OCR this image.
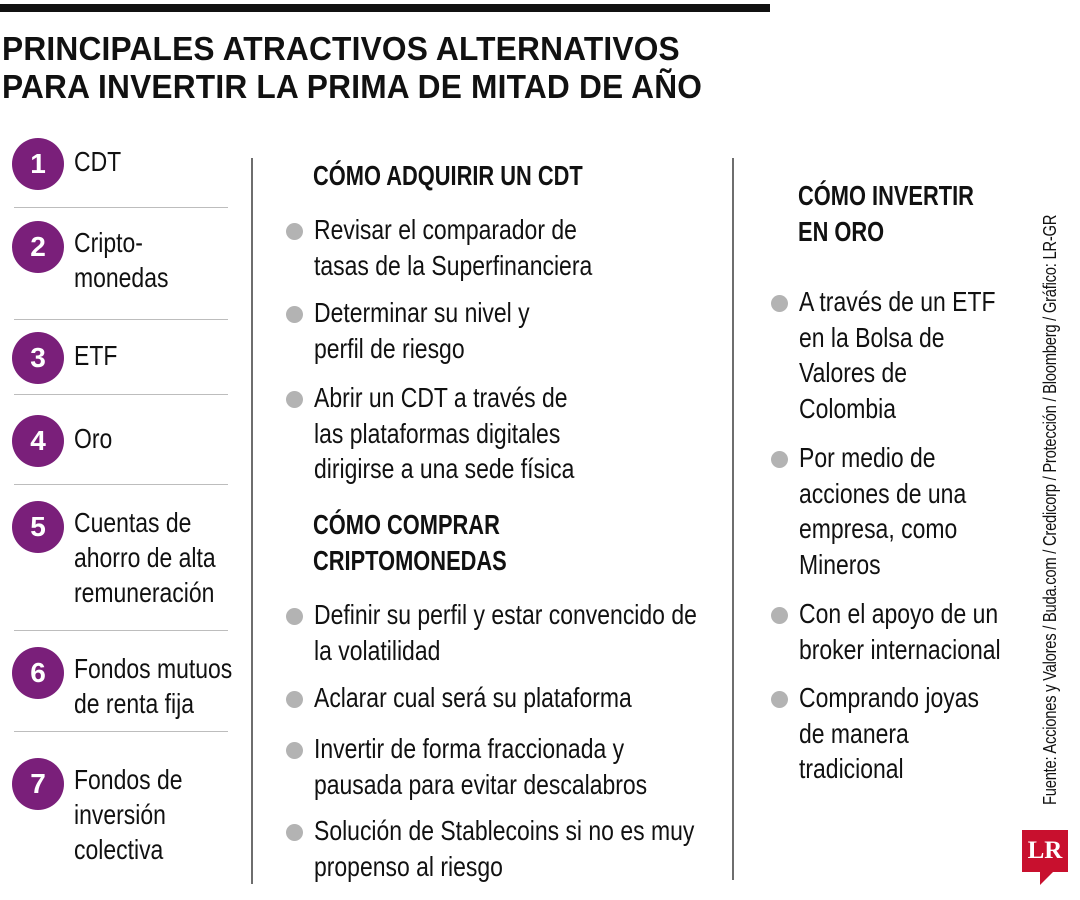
PRINCIPALES ATRACTIVOS ALTERNATIVOS
PARA INVERTIR LA PRIMA DE MITAD DE AÑO
1	CDT
2	Cripto-
monedas
3	ETF
4	Oro
5	Cuentas de
ahorro de alta
remuneración
6	Fondos mutuos
de renta fija
7	Fondos de
inversión
colectiva
CÓMO ADQUIRIR UN CDT
Revisar el comparador de
tasas de la Superfinanciera
Determinar su nivel y
perfil de riesgo
Abrir un CDT a través de
las plataformas digitales
dirigirse a una sede física
CÓMO COMPRAR
CRIPTOMONEDAS
Definir su perfil y estar convencido de
la volatilidad
Aclarar cual será su plataforma
Invertir de forma fraccionada y
pausada para evitar descalabros
Solución de Stablecoins si no es muy
propenso al riesgo
CÓMO INVERTIR
EN ORO
A través de un ETF
en la Bolsa de
Valores de
Colombia
Por medio de
acciones de una
empresa, como
Mineros
Con el apoyo de un
broker internacional
Comprando joyas
de manera
tradicional	Fuente: Acciones y Valores / Buda.com / Credicorp / Protección / Bloomberg / Gráfico: LR-GR
LR
